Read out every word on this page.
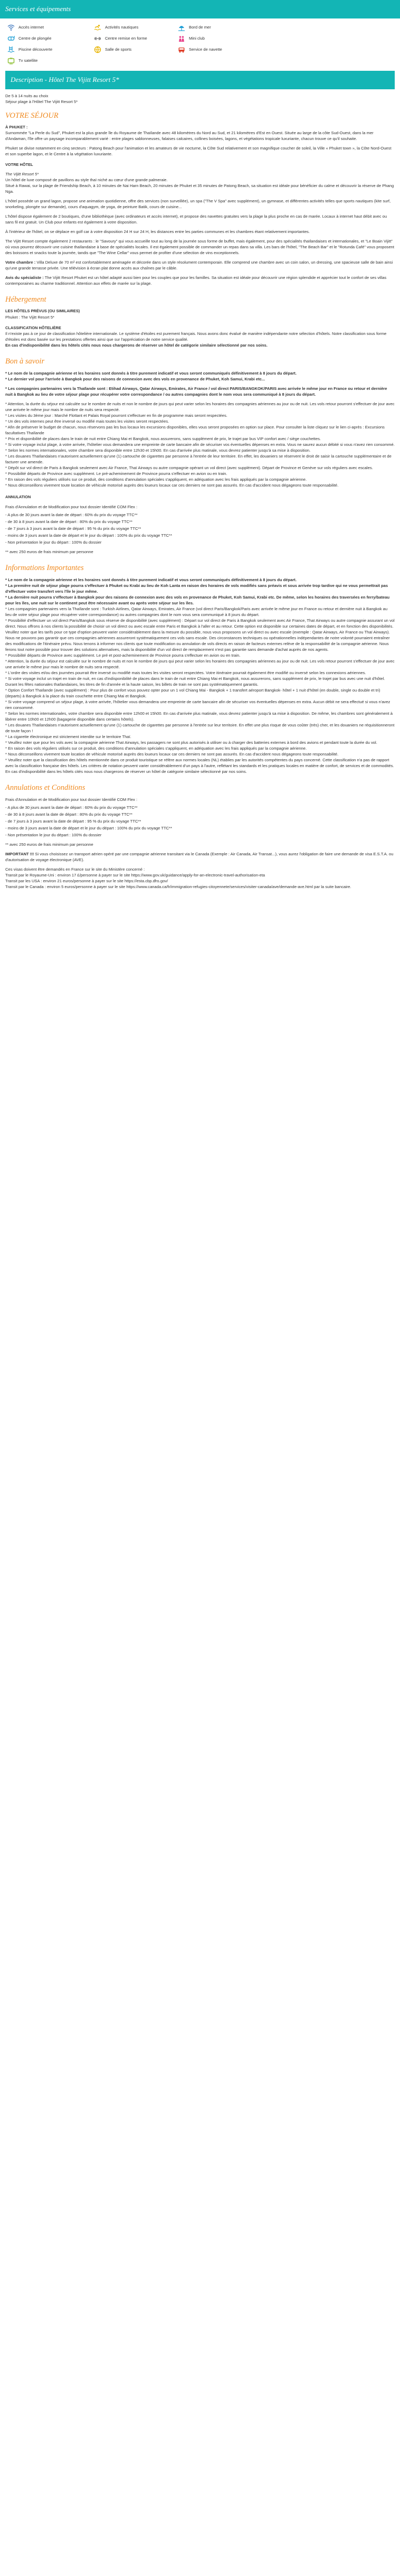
Services et équipements
Accès internet	Activités nautiques	Bord de mer
Centre de plongée	Centre remise en forme	Mini club
Piscine découverte	Salle de sports	Service de navette
Tv satellite
Description - Hôtel The Vijitt Resort 5*

De 5 à 14 nuits au choix

Séjour plage à l'Hôtel The Vijitt Resort 5*
VOTRE SÉJOUR
À PHUKET :
Surnommée "La Perle du Sud", Phuket est la plus grande île du Royaume de Thaïlande avec 48 kilomètres du Nord au Sud, et 21 kilomètres d'Est en Ouest. Située au large de la côte Sud-Ouest, dans la mer d'Andaman, l'île offre un paysage incomparablement varié : entre plages sablonneuses, falaises calcaires, collines boisées, lagons, et végétations tropicale luxuriante, chacun trouve ce qu'il souhaite.

Phuket se divise notamment en cinq secteurs : Patong Beach pour l'animation et les amateurs de vie nocturne, la Côte Sud relativement et son magnifique coucher de soleil, la Ville « Phuket town », la Côte Nord-Ouest et son superbe lagon, et le Centre à la végétation luxuriante.

VOTRE HÔTEL
The Vijitt Resort 5*
Un hôtel de luxe composé de pavillons au style thaï niché au cœur d'une grande palmeraie.
Situé à Rawai, sur la plage de Friendship Beach, à 10 minutes de Nai Harn Beach, 20 minutes de Phuket et 35 minutes de Patong Beach, sa situation est idéale pour bénéficier du calme et découvrir la réserve de Phang Nga.

L'hôtel possède un grand lagon, propose une animation quotidienne, offre des services (non surveillée), un spa ("The V Spa" avec supplément), un gymnase, et différentes activités telles que sports nautiques (kite surf, snorkeling, plongée sur demande), cours d'aquagym, de yoga, de peinture Batik, cours de cuisine...

L'hôtel dispose également de 2 boutiques, d'une bibliothèque (avec ordinateurs et accès internet), et propose des navettes gratuites vers la plage la plus proche en cas de marée. Locaux à internet haut débit avec ou sans fil est gratuit. Un Club pour enfants est également à votre disposition.

À l'intérieur de l'hôtel, on se déplace en golf car à votre disposition 24 H sur 24 H, les distances entre les parties communes et les chambres étant relativement importantes.

The Vijitt Resort compte également 2 restaurants : le "Savoury" qui vous accueille tout au long de la journée sous forme de buffet, mais également, pour des spécialités thaïlandaises et internationales, et "Le Boain Vijitt" où vous pourrez découvrir une cuisine thaïlandaise à base de spécialités locales. Il est également possible de commander un repas dans sa villa. Les bars de l'hôtel, "The Beach Bar" et le "Rotunda Café" vous proposent des boissons et snacks toute la journée, tandis que "The Wine Cellar" vous permet de profiter d'une sélection de vins exceptionnels.

Votre chambre : Villa Deluxe de 70 m² est confortablement aménagée et décorée dans un style résolument contemporain. Elle comprend une chambre avec un coin salon, un dressing, une spacieuse salle de bain ainsi qu'une grande terrasse privée. Une télévision à écran plat donne accès aux chaînes par le câble.

Avis du spécialiste : The Vijitt Resort Phuket est un hôtel adapté aussi bien pour les couples que pour les familles. Sa situation est idéale pour découvrir une région splendide et apprécier tout le confort de ses villas contemporaines au charme traditionnel. Attention aux effets de marée sur la plage.

Hébergement
LES HÔTELS PRÉVUS (OU SIMILAIRES)
Phuket : The Vijitt Resort 5*
CLASSIFICATION HÔTELIÈRE
Il n'existe pas à ce jour de classification hôtelière internationale. Le système d'étoiles est purement français. Nous avons donc évalué de manière indépendante notre sélection d'hôtels. Notre classification sous forme d'étoiles est donc basée sur les prestations offertes ainsi que sur l'appréciation de notre service qualité.
En cas d'indisponibilité dans les hôtels cités nous nous chargerons de réserver un hôtel de catégorie similaire sélectionné par nos soins.
Bon à savoir
* Le nom de la compagnie aérienne et les horaires sont donnés à titre purement indicatif et vous seront communiqués définitivement à 8 jours du départ.
* Le dernier vol pour l'arrivée à Bangkok pour des raisons de connexion avec des vols en provenance de Phuket, Koh Samui, Krabi etc...
* Les compagnies partenaires vers la Thaïlande sont : Etihad Airways, Qatar Airways, Emirates, Air France / vol direct PARIS/BANGKOK/PARIS avec arrivée le même jour en France ou retour et dernière nuit à Bangkok au lieu de votre séjour plage pour récupérer votre correspondance / ou autres compagnies dont le nom vous sera communiqué à 8 jours du départ.

* Attention, la durée du séjour est calculée sur le nombre de nuits et non le nombre de jours qui peut varier selon les horaires des compagnies aériennes au jour ou de nuit. Les vols retour pourront s'effectuer de jour avec une arrivée le même jour mais le nombre de nuits sera respecté.

* Les visites du 3ème jour : Marché Flottant et Palais Royal pourront s'effectuer en fin de programme mais seront respectées.
* Un des vols internes peut être inversé ou modifié mais toutes les visites seront respectées.
* Afin de préserver le budget de chacun, nous réservons pas les bus locaux les excursions disponibles, elles vous seront proposées en option sur place. Pour consulter la liste cliquez sur le lien ci-après : Excursions facultatives Thaïlande
* Prix et disponibilité de places dans le train de nuit entre Chiang Mai et Bangkok, nous assurerons, sans supplément de prix, le trajet par bus VIP confort avec / siège couchettes.
* Si votre voyage inclut plage, à votre arrivée, l'hôtelier vous demandera une empreinte de carte bancaire afin de sécuriser vos éventuelles dépenses en extra. Vous ne saurez aucun débité si vous n'avez rien consommé.
* Selon les normes internationales, votre chambre sera disponible entre 12h30 et 15h00. En cas d'arrivée plus matinale, vous devrez patienter jusqu'à sa mise à disposition.
* Les douanes Thaïlandaises n'autorisent actuellement qu'une (1) cartouche de cigarettes par personne à l'entrée de leur territoire. En effet, les douaniers se réservent le droit de saisir la cartouche supplémentaire et de facturer une amende.
* Dépôt sur vol direct de Paris à Bangkok seulement avec Air France, Thaï Airways ou autre compagnie opérant un vol direct (avec supplément). Départ de Province et Genève sur vols réguliers avec escales.
* Possibilité départs de Province avec supplément. Le pré-acheminement de Province pourra s'effectuer en avion ou en train.
* En raison des vols réguliers utilisés sur ce produit, des conditions d'annulation spéciales s'appliquent, en adéquation avec les frais appliqués par la compagnie aérienne.
* Nous déconseillons vivement toute location de véhicule motorisé auprès des loueurs locaux car ces derniers ne sont pas assurés. En cas d'accident nous dégageons toute responsabilité.
ANNULATION
Frais d'Annulation et de Modification pour tout dossier Identifié COM Flex :
- A plus de 30 jours avant la date de départ : 60% du prix du voyage TTC**
- de 30 à 8 jours avant la date de départ : 80% du prix du voyage TTC**
- de 7 jours à 3 jours avant la date de départ : 95 % du prix du voyage TTC**
- moins de 3 jours avant la date de départ et le jour du départ : 100% du prix du voyage TTC**
- Non présentation le jour du départ : 100% du dossier

** avec 250 euros de frais minimum par personne

Informations Importantes
* Le nom de la compagnie aérienne et les horaires sont donnés à titre purement indicatif et vous seront communiqués définitivement à 8 jours du départ.
* La première nuit de séjour plage pourra s'effectuer à Phuket ou Krabi au lieu de Koh Lanta en raison des horaires de vols modifiés sans préavis et sous arrivée trop tardive qui ne vous permettrait pas d'effectuer votre transfert vers l'île le jour même.
* La dernière nuit pourra s'effectuer à Bangkok pour des raisons de connexion avec des vols en provenance de Phuket, Koh Samui, Krabi etc. De même, selon les horaires des traversées en ferry/bateau pour les îles, une nuit sur le continent peut être nécessaire avant ou après votre séjour sur les îles.
* Les compagnies partenaires vers la Thaïlande sont : Turkish Airlines, Qatar Airways, Emirates, Air France (vol direct Paris/Bangkok/Paris avec arrivée le même jour en France ou retour et dernière nuit à Bangkok au lieu de votre séjour plage pour récupérer votre correspondance) ou autres compagnies dont le nom vous sera communiqué à 8 jours du départ.
* Possibilité d'effectuer un vol direct Paris/Bangkok sous réserve de disponibilité (avec supplément) : Départ sur vol direct de Paris à Bangkok seulement avec Air France, Thaï Airways ou autre compagnie assurant un vol direct. Nous offrons à nos clients la possibilité de choisir un vol direct ou avec escale entre Paris et Bangkok à l'aller et au retour. Cette option est disponible sur certaines dates de départ, et en fonction des disponibilités. Veuillez noter que les tarifs pour ce type d'option peuvent varier considérablement dans la mesure du possible, nous vous proposons un vol direct ou avec escale (exemple : Qatar Airways, Air France ou Thaï Airways). Nous ne pouvons pas garantir que ces compagnies aériennes assureront systématiquement ces vols sans escale. Des circonstances techniques ou opérationnelles indépendantes de notre volonté pourraient entraîner des modifications de l'itinéraire prévu. Nous tenons à informer nos clients que toute modification ou annulation de vols directs en raison de facteurs externes relève de la responsabilité de la compagnie aérienne. Nous ferons tout notre possible pour trouver des solutions alternatives, mais la disponibilité d'un vol direct de remplacement n'est pas garantie sans demande d'achat auprès de nos agents.
* Possibilité départs de Province avec supplément. Le pré et post-acheminement de Province pourra s'effectuer en avion ou en train.
* Attention, la durée du séjour est calculée sur le nombre de nuits et non le nombre de jours qui peut varier selon les horaires des compagnies aériennes au jour ou de nuit. Les vols retour pourront s'effectuer de jour avec une arrivée le même jour mais le nombre de nuits sera respecté.
* L'ordre des visites et/ou des journées pourrait être inversé ou modifié mais toutes les visites seront respectées. Votre itinéraire pourrait également être modifié ou inversé selon les connexions aériennes.
* Si votre voyage inclut un trajet en train de nuit, en cas d'indisponibilité de places dans le train de nuit entre Chiang Mai et Bangkok, nous assurerons, sans supplément de prix, le trajet par bus avec une nuit d'hôtel. Durant les fêtes nationales thaïlandaises, les titres de fin d'année et la haute saison, les billets de train ne sont pas systématiquement garantis.
* Option Confort Thaïlande (avec supplément) : Pour plus de confort vous pouvez opter pour un 1 vol Chiang Mai - Bangkok + 1 transfert aéroport Bangkok- hôtel + 1 nuit d'hôtel (en double, single ou double et tri) (departs) à Bangkok à la place du train couchette entre Chiang Mai et Bangkok.
* Si votre voyage comprend un séjour plage, à votre arrivée, l'hôtelier vous demandera une empreinte de carte bancaire afin de sécuriser vos éventuelles dépenses en extra. Aucun débit ne sera effectué si vous n'avez rien consommé.
* Selon les normes internationales, votre chambre sera disponible entre 12h00 et 15h00. En cas d'arrivée plus matinale, vous devrez patienter jusqu'à sa mise à disposition. De même, les chambres sont généralement à libérer entre 10h00 et 12h00 (bagagerie disponible dans certains hôtels).
* Les douanes Thaïlandaises n'autorisent actuellement qu'une (1) cartouche de cigarettes par personne à l'entrée sur leur territoire. En effet une plus risque de vous coûter (très) cher, et les douaniers ne réquisitionneront de toute façon !
* La cigarette électronique est strictement interdite sur le territoire Thaï.
* Veuillez noter que pour les vols avec la compagnie aérienne Thaï Airways, les passagers ne sont plus autorisés à utiliser ou à charger des batteries externes à bord des avions et pendant toute la durée du vol.
* En raison des vols réguliers utilisés sur ce produit, des conditions d'annulation spéciales s'appliquent, en adéquation avec les frais appliqués par la compagnie aérienne.
* Nous déconseillons vivement toute location de véhicule motorisé auprès des loueurs locaux car ces derniers ne sont pas assurés. En cas d'accident nous dégageons toute responsabilité.
* Veuillez noter que la classification des hôtels mentionnée dans ce produit touristique se réfère aux normes locales (NL) établies par les autorités compétentes du pays concerné. Cette classification n'a pas de rapport avec la classification française des hôtels. Les critères de notation peuvent varier considérablement d'un pays à l'autre, reflétant les standards et les pratiques locales en matière de confort, de services et de commodités. En cas d'indisponibilité dans les hôtels cités nous nous chargerons de réserver un hôtel de catégorie similaire sélectionné par nos soins.
Annulations et Conditions
Frais d'Annulation et de Modification pour tout dossier Identifié COM Flex :
- A plus de 30 jours avant la date de départ : 60% du prix du voyage TTC**
- de 30 à 8 jours avant la date de départ : 80% du prix du voyage TTC**
- de 7 jours à 3 jours avant la date de départ : 95 % du prix du voyage TTC**
- moins de 3 jours avant la date de départ et le jour du départ : 100% du prix du voyage TTC**
- Non présentation le jour du départ : 100% du dossier

** avec 250 euros de frais minimum par personne

IMPORTANT !!! Si vous choisissez un transport aérien opéré par une compagnie aérienne transitant via le Canada (Exemple : Air Canada, Air Transat...), vous aurez l'obligation de faire une demande de visa E.S.T.A. ou d'autorisation de voyage électronique (AVE).

Ces visas doivent être demandés en France sur le site du Ministère concerné :

Transit par le Royaume-Uni : environ 17 £/personne à payer sur le site https://www.gov.uk/guidance/apply-for-an-electronic-travel-authorisation-eta
Transit par les USA : environ 21 euros/personne à payer sur le site https://esta.cbp.dhs.gov/
Transit par le Canada : environ 5 euros/personne à payer sur le site https://www.canada.ca/fr/immigration-refugies-citoyennete/services/visiter-canada/ave/demande-ave.html par la suite bancaire.
